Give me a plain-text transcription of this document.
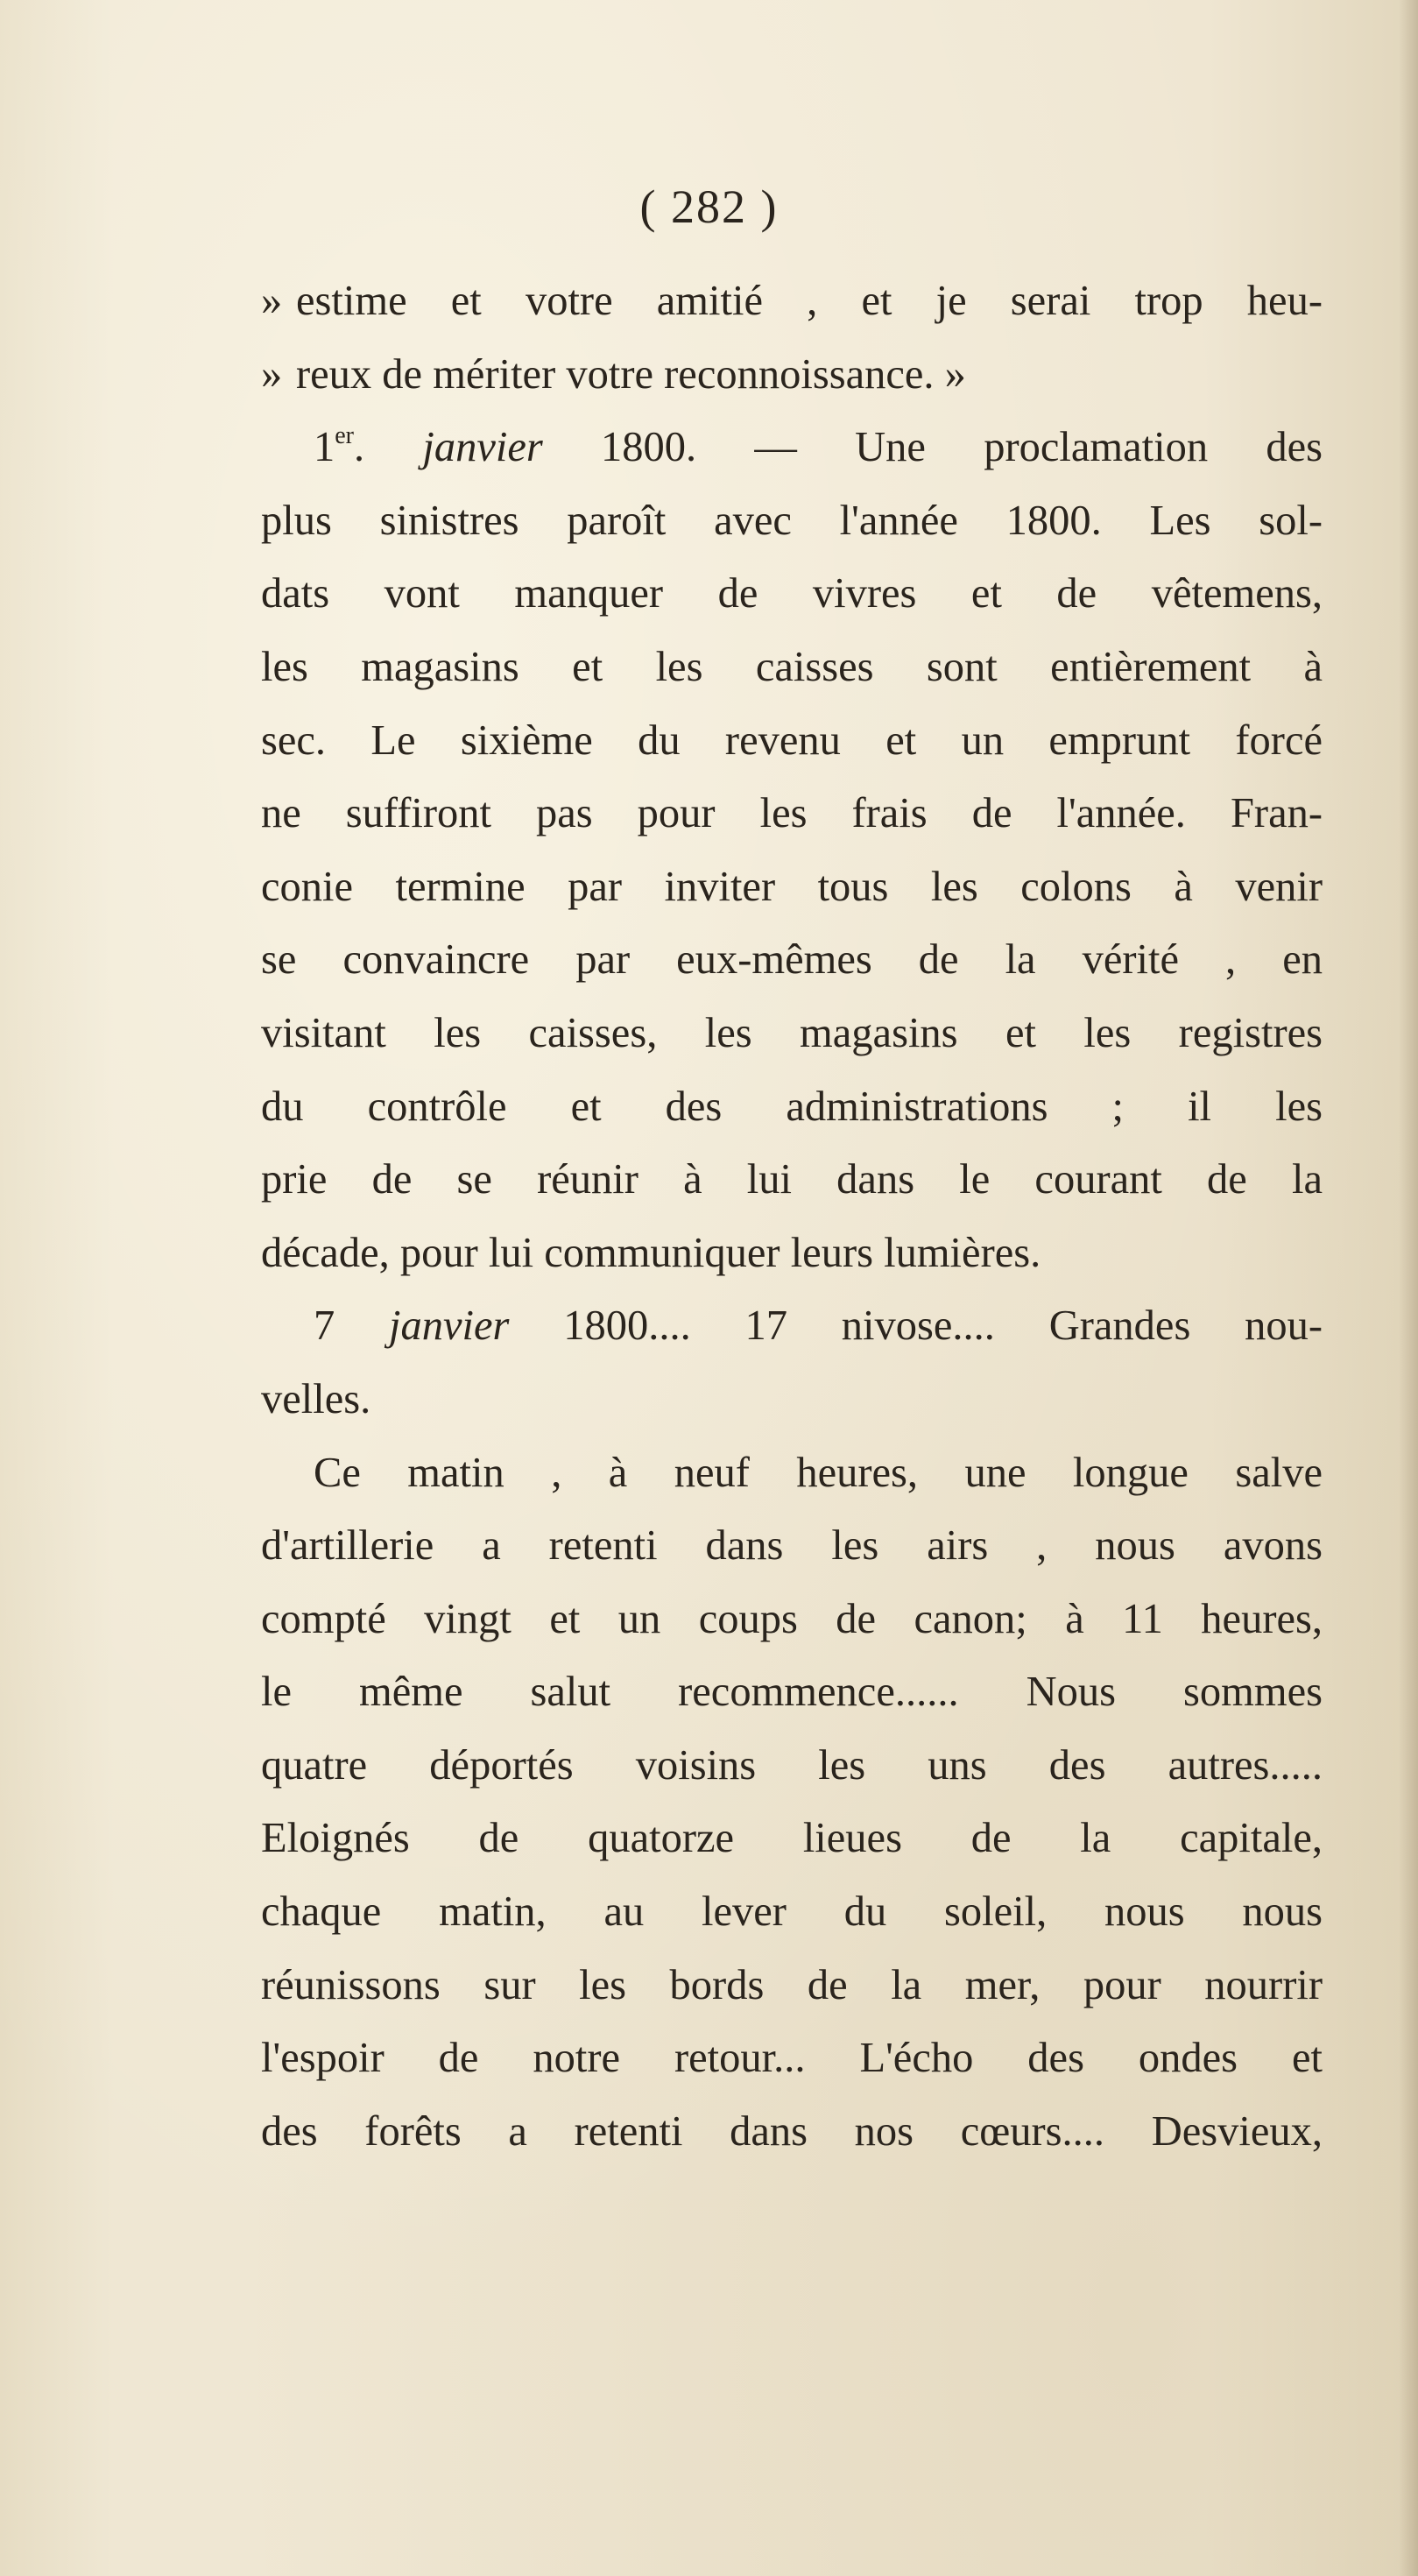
( 282 )
» estime et votre amitié , et je serai trop heu-
» reux de mériter votre reconnoissance. »
1er. janvier 1800. — Une proclamation des
plus sinistres paroît avec l'année 1800. Les sol-
dats vont manquer de vivres et de vêtemens,
les magasins et les caisses sont entièrement à
sec. Le sixième du revenu et un emprunt forcé
ne suffiront pas pour les frais de l'année. Fran-
conie termine par inviter tous les colons à venir
se convaincre par eux-mêmes de la vérité , en
visitant les caisses, les magasins et les registres
du contrôle et des administrations ; il les
prie de se réunir à lui dans le courant de la
décade, pour lui communiquer leurs lumières.
7 janvier 1800.... 17 nivose.... Grandes nou-
velles.
Ce matin , à neuf heures, une longue salve
d'artillerie a retenti dans les airs , nous avons
compté vingt et un coups de canon; à 11 heures,
le même salut recommence...... Nous sommes
quatre déportés voisins les uns des autres.....
Eloignés de quatorze lieues de la capitale,
chaque matin, au lever du soleil, nous nous
réunissons sur les bords de la mer, pour nourrir
l'espoir de notre retour... L'écho des ondes et
des forêts a retenti dans nos cœurs.... Desvieux,
